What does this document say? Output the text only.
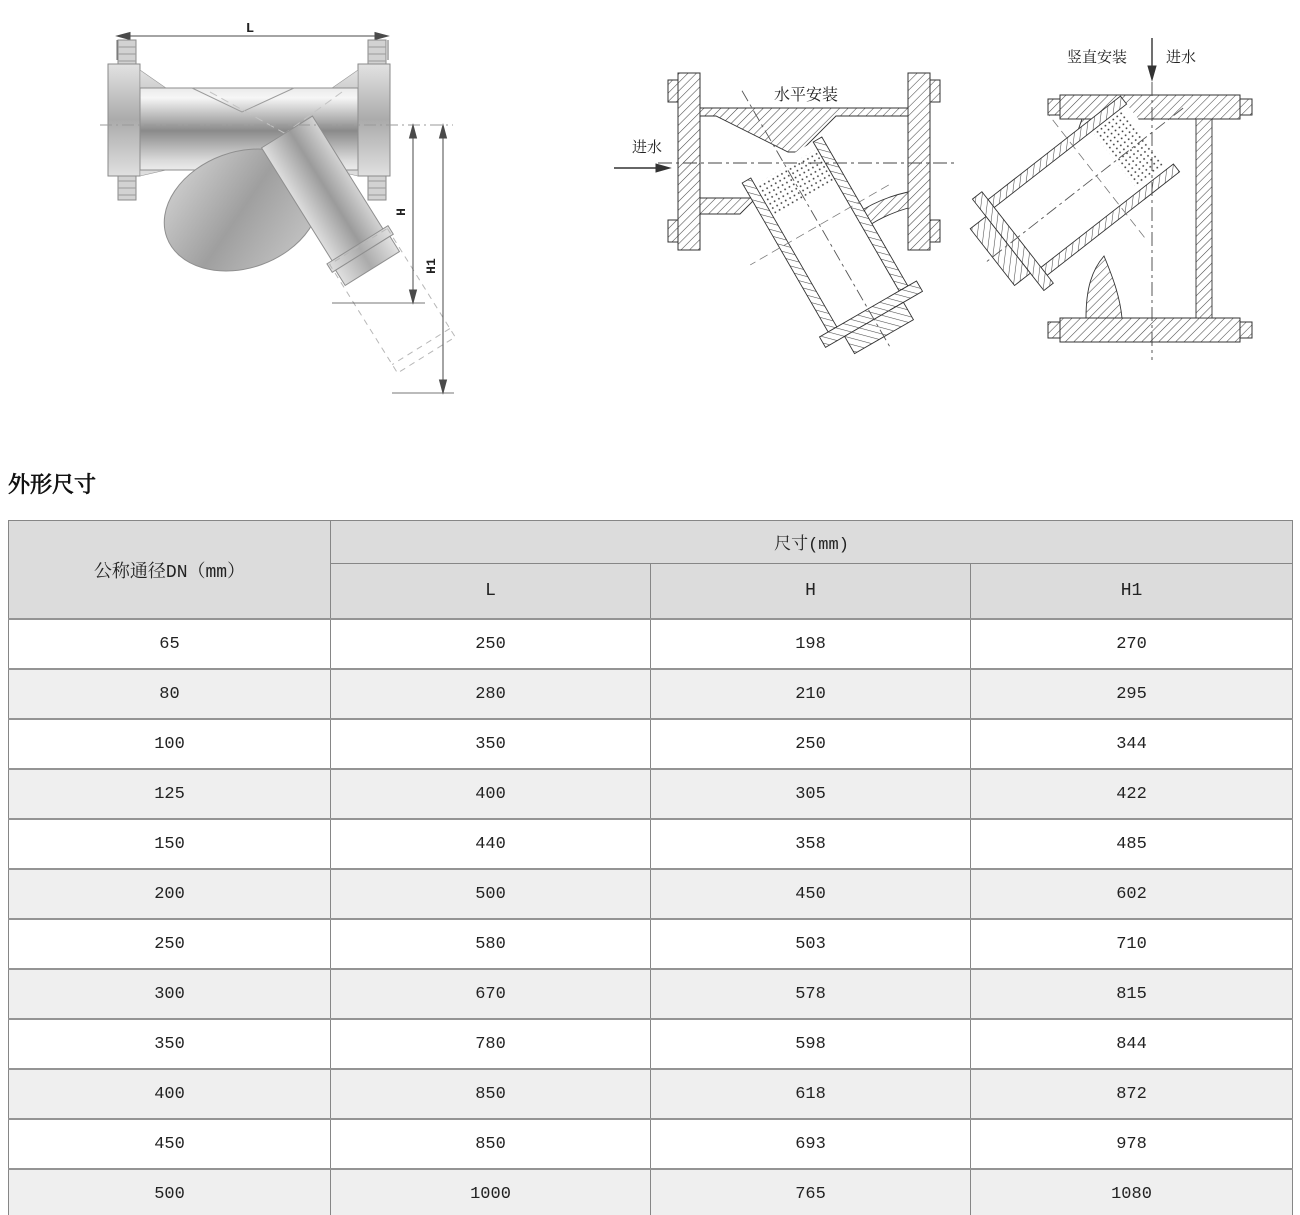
L
H
H1
水平安装
进水
竖直安装	进水
外形尺寸
公称通径DN（mm）	尺寸(mm)		
	L	H	H1
65	250	198	270
80	280	210	295
100	350	250	344
125	400	305	422
150	440	358	485
200	500	450	602
250	580	503	710
300	670	578	815
350	780	598	844
400	850	618	872
450	850	693	978
500	1000	765	1080
